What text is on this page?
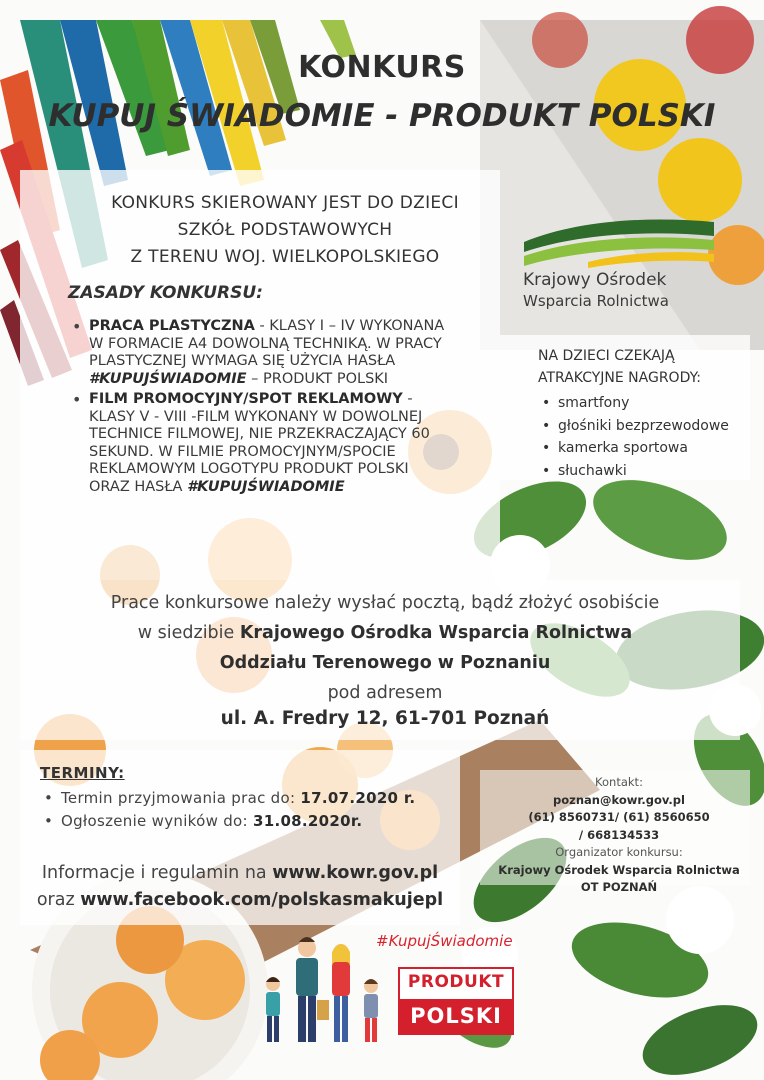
KONKURS
KUPUJ ŚWIADOMIE - PRODUKT POLSKI
KONKURS SKIEROWANY JEST DO DZIECI
SZKÓŁ PODSTAWOWYCH
Z TERENU WOJ. WIELKOPOLSKIEGO
ZASADY KONKURSU:
• PRACA PLASTYCZNA - KLASY I – IV WYKONANA W FORMACIE A4 DOWOLNĄ TECHNIKĄ. W PRACY PLASTYCZNEJ WYMAGA SIĘ UŻYCIA HASŁA #KUPUJŚWIADOMIE – PRODUKT POLSKI
• FILM PROMOCYJNY/SPOT REKLAMOWY - KLASY V - VIII -FILM WYKONANY W DOWOLNEJ TECHNICE FILMOWEJ, NIE PRZEKRACZAJĄCY 60 SEKUND. W FILMIE PROMOCYJNYM/SPOCIE REKLAMOWYM LOGOTYPU PRODUKT POLSKI ORAZ HASŁA #KUPUJŚWIADOMIE
Krajowy Ośrodek
Wsparcia Rolnictwa
NA DZIECI CZEKAJĄ
ATRAKCYJNE NAGRODY:
• smartfony
• głośniki bezprzewodowe
• kamerka sportowa
• słuchawki
Prace konkursowe należy wysłać pocztą, bądź złożyć osobiście
w siedzibie Krajowego Ośrodka Wsparcia Rolnictwa
Oddziału Terenowego w Poznaniu
pod adresem
ul. A. Fredry 12, 61-701 Poznań
TERMINY:
• Termin przyjmowania prac do: 17.07.2020 r.
• Ogłoszenie wyników do: 31.08.2020r.
Kontakt:
poznan@kowr.gov.pl
(61) 8560731/ (61) 8560650
/ 668134533
Organizator konkursu:
Krajowy Ośrodek Wsparcia Rolnictwa
OT POZNAŃ
Informacje i regulamin na www.kowr.gov.pl
oraz www.facebook.com/polskasmakujepl
#KupujŚwiadomie
PRODUKT
POLSKI
